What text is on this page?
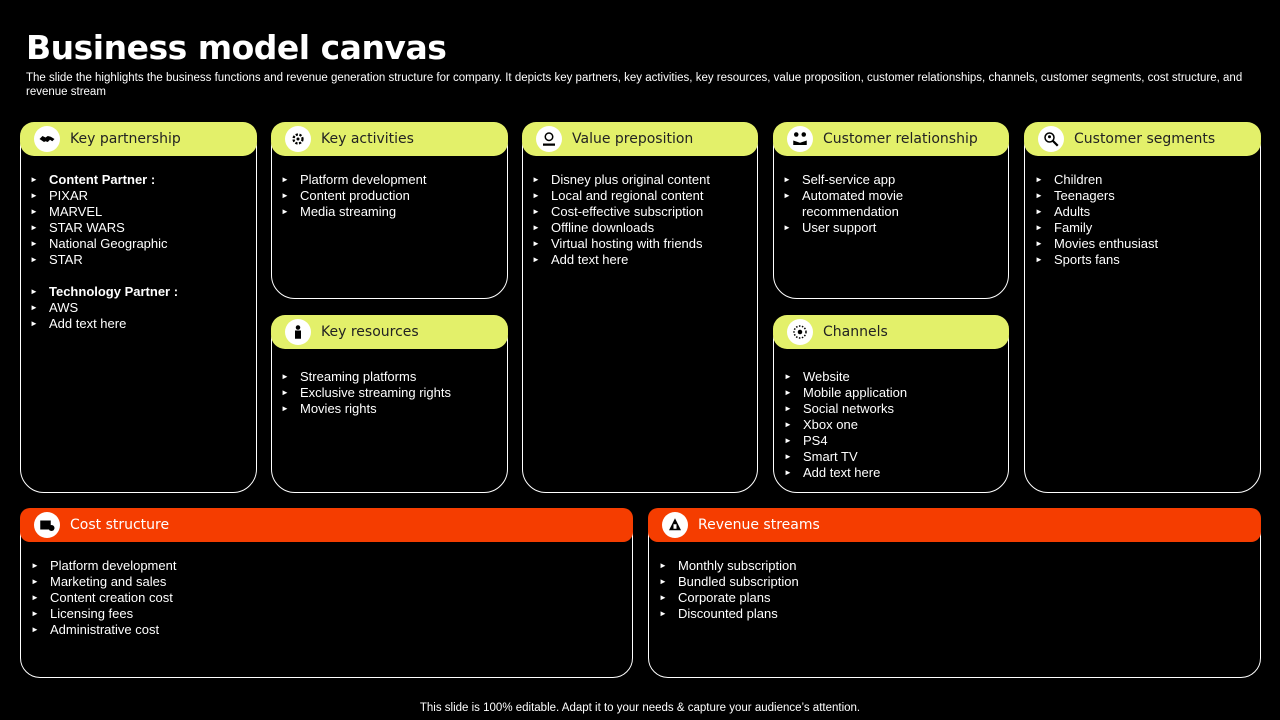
Business model canvas
The slide the highlights the business functions and revenue generation structure for company. It depicts key partners, key activities, key resources, value proposition, customer relationships, channels, customer segments, cost structure, and revenue stream
Key partnership
► Content Partner :
► PIXAR
► MARVEL
► STAR WARS
► National Geographic
► STAR
► Technology Partner :
► AWS
► Add text here
Key activities
► Platform development
► Content production
► Media streaming
Key resources
► Streaming platforms
► Exclusive streaming rights
► Movies rights
Value preposition
► Disney plus original content
► Local and regional content
► Cost-effective subscription
► Offline downloads
► Virtual hosting with friends
► Add text here
Customer relationship
► Self-service app
► Automated movie recommendation
► User support
Channels
► Website
► Mobile application
► Social networks
► Xbox one
► PS4
► Smart TV
► Add text here
Customer segments
► Children
► Teenagers
► Adults
► Family
► Movies enthusiast
► Sports fans
Cost structure
► Platform development
► Marketing and sales
► Content creation cost
► Licensing fees
► Administrative cost
Revenue streams
► Monthly subscription
► Bundled subscription
► Corporate plans
► Discounted plans
This slide is 100% editable. Adapt it to your needs & capture your audience’s attention.
